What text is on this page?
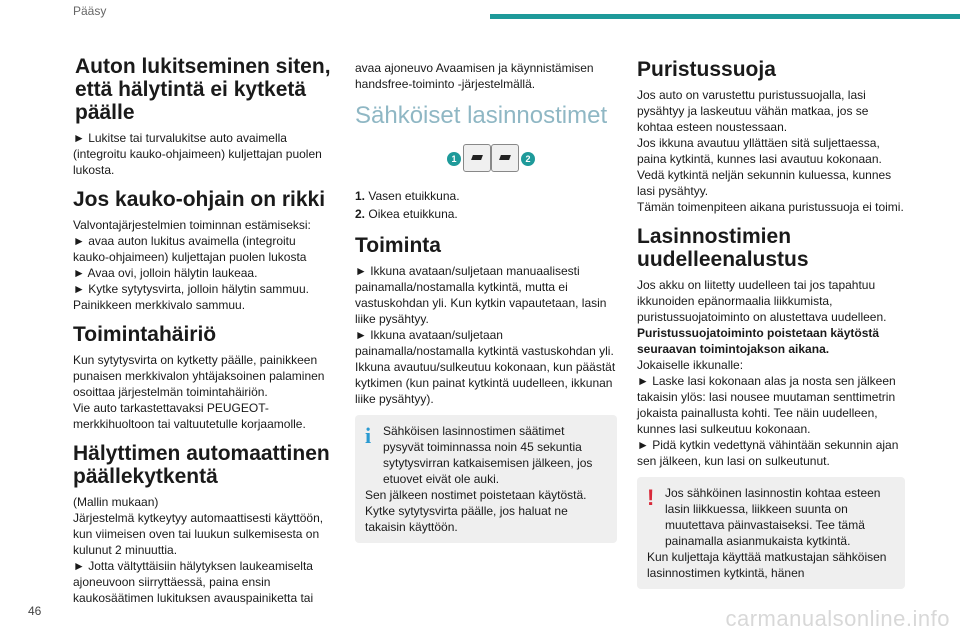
Pääsy
Auton lukitseminen siten, että hälytintä ei kytketä päälle

► Lukitse tai turvalukitse auto avaimella (integroitu kauko-ohjaimeen) kuljettajan puolen lukosta.

Jos kauko-ohjain on rikki

Valvontajärjestelmien toiminnan estämiseksi:

► avaa auton lukitus avaimella (integroitu kauko-ohjaimeen) kuljettajan puolen lukosta

► Avaa ovi, jolloin hälytin laukeaa.

► Kytke sytytysvirta, jolloin hälytin sammuu. Painikkeen merkkivalo sammuu.

Toimintahäiriö

Kun sytytysvirta on kytketty päälle, painikkeen punaisen merkkivalon yhtäjaksoinen palaminen osoittaa järjestelmän toimintahäiriön.

Vie auto tarkastettavaksi PEUGEOT-merkkihuoltoon tai valtuutetulle korjaamolle.

Hälyttimen automaattinen päällekytkentä

(Mallin mukaan)

Järjestelmä kytkeytyy automaattisesti käyttöön, kun viimeisen oven tai luukun sulkemisesta on kulunut 2 minuuttia.

► Jotta vältyttäisiin hälytyksen laukeamiselta ajoneuvoon siirryttäessä, paina ensin kaukosäätimen lukituksen avauspainiketta tai

avaa ajoneuvo Avaamisen ja käynnistämisen handsfree-toiminto -järjestelmällä.

Sähköiset lasinnostimet
1	2

1. Vasen etuikkuna.

2. Oikea etuikkuna.

Toiminta

► Ikkuna avataan/suljetaan manuaalisesti painamalla/nostamalla kytkintä, mutta ei vastuskohdan yli. Kun kytkin vapautetaan, lasin liike pysähtyy.

► Ikkuna avataan/suljetaan painamalla/nostamalla kytkintä vastuskohdan yli. Ikkuna avautuu/sulkeutuu kokonaan, kun päästät kytkimen (kun painat kytkintä uudelleen, ikkunan liike pysähtyy).

i Sähköisen lasinnostimen säätimet pysyvät toiminnassa noin 45 sekuntia sytytysvirran katkaisemisen jälkeen, jos etuovet eivät ole auki.

Sen jälkeen nostimet poistetaan käytöstä. Kytke sytytysvirta päälle, jos haluat ne takaisin käyttöön.

Puristussuoja

Jos auto on varustettu puristussuojalla, lasi pysähtyy ja laskeutuu vähän matkaa, jos se kohtaa esteen noustessaan.

Jos ikkuna avautuu yllättäen sitä suljettaessa, paina kytkintä, kunnes lasi avautuu kokonaan. Vedä kytkintä neljän sekunnin kuluessa, kunnes lasi pysähtyy.

Tämän toimenpiteen aikana puristussuoja ei toimi.

Lasinnostimien uudelleenalustus

Jos akku on liitetty uudelleen tai jos tapahtuu ikkunoiden epänormaalia liikkumista, puristussuojatoiminto on alustettava uudelleen.

Puristussuojatoiminto poistetaan käytöstä seuraavan toimintojakson aikana.

Jokaiselle ikkunalle:

► Laske lasi kokonaan alas ja nosta sen jälkeen takaisin ylös: lasi nousee muutaman senttimetrin jokaista painallusta kohti. Tee näin uudelleen, kunnes lasi sulkeutuu kokonaan.

► Pidä kytkin vedettynä vähintään sekunnin ajan sen jälkeen, kun lasi on sulkeutunut.

! Jos sähköinen lasinnostin kohtaa esteen lasin liikkuessa, liikkeen suunta on muutettava päinvastaiseksi. Tee tämä painamalla asianmukaista kytkintä.

Kun kuljettaja käyttää matkustajan sähköisen lasinnostimen kytkintä, hänen

46	carmanualsonline.info
